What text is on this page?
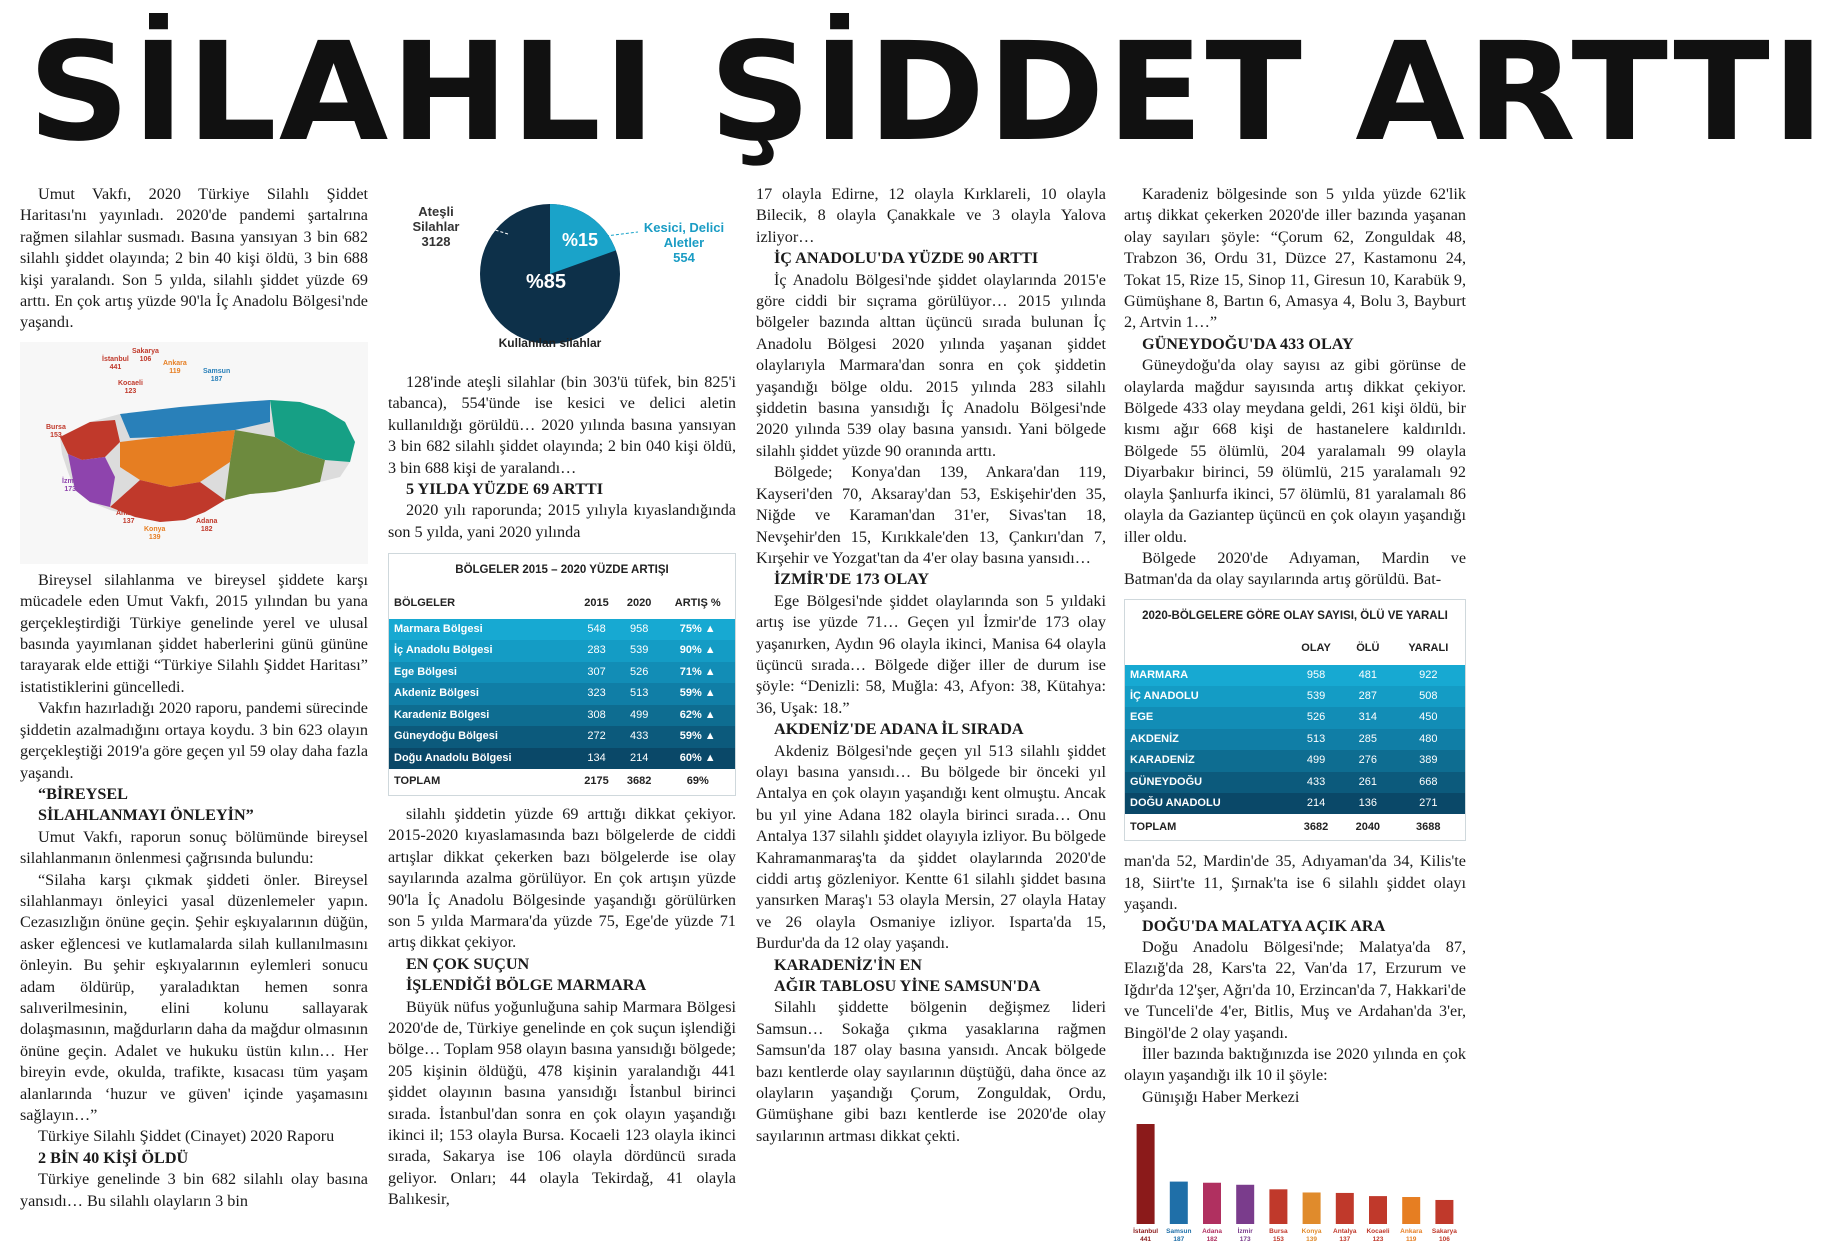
SİLAHLI ŞİDDET ARTTI

Umut Vakfı, 2020 Türkiye Silahlı Şiddet Haritası'nı yayınladı. 2020'de pandemi şartalrına rağmen silahlar susmadı. Basına yansıyan 3 bin 682 silahlı şiddet olayında; 2 bin 40 kişi öldü, 3 bin 688 kişi yaralandı. Son 5 yılda, silahlı şiddet yüzde 69 arttı. En çok artış yüzde 90'la İç Anadolu Bölgesi'nde yaşandı.

İstanbul
441
Sakarya
106
Kocaeli
123
Ankara
119	Samsun
187
Bursa
153
İzmir
173
Antalya
137
Konya
139
Adana
182

Bireysel silahlanma ve bireysel şiddete karşı mücadele eden Umut Vakfı, 2015 yılından bu yana gerçekleştirdiği Türkiye genelinde yerel ve ulusal basında yayımlanan şiddet haberlerini günü gününe tarayarak elde ettiği “Türkiye Silahlı Şiddet Haritası” istatistiklerini güncelledi.

Vakfın hazırladığı 2020 raporu, pandemi sürecinde şiddetin azalmadığını ortaya koydu. 3 bin 623 olayın gerçekleştiği 2019'a göre geçen yıl 59 olay daha fazla yaşandı.

“BİREYSEL
SİLAHLANMAYI ÖNLEYİN”

Umut Vakfı, raporun sonuç bölümünde bireysel silahlanmanın önlenmesi çağrısında bulundu:

“Silaha karşı çıkmak şiddeti önler. Bireysel silahlanmayı önleyici yasal düzenlemeler yapın. Cezasızlığın önüne geçin. Şehir eşkıyalarının düğün, asker eğlencesi ve kutlamalarda silah kullanılmasını önleyin. Bu şehir eşkıyalarının eylemleri sonucu adam öldürüp, yaraladıktan hemen sonra salıverilmesinin, elini kolunu sallayarak dolaşmasının, mağdurların daha da mağdur olmasının önüne geçin. Adalet ve hukuku üstün kılın… Her bireyin evde, okulda, trafikte, kısacası tüm yaşam alanlarında ‘huzur ve güven' içinde yaşamasını sağlayın…”

Türkiye Silahlı Şiddet (Cinayet) 2020 Raporu

2 BİN 40 KİŞİ ÖLDÜ

Türkiye genelinde 3 bin 682 silahlı olay basına yansıdı… Bu silahlı olayların 3 bin

%85
%15
Ateşli Silahlar
3128
Kesici, Delici Aletler
554
Kullanılan silahlar

128'inde ateşli silahlar (bin 303'ü tüfek, bin 825'i tabanca), 554'ünde ise kesici ve delici aletin kullanıldığı görüldü… 2020 yılında basına yansıyan 3 bin 682 silahlı şiddet olayında; 2 bin 040 kişi öldü, 3 bin 688 kişi de yaralandı…

5 YILDA YÜZDE 69 ARTTI

2020 yılı raporunda; 2015 yılıyla kıyaslandığında son 5 yılda, yani 2020 yılında

BÖLGELER 2015 – 2020 YÜZDE ARTIŞI
BÖLGELER	2015	2020	ARTIŞ %
Marmara Bölgesi	548	958	75% ▲
İç Anadolu Bölgesi	283	539	90% ▲
Ege Bölgesi	307	526	71% ▲
Akdeniz Bölgesi	323	513	59% ▲
Karadeniz Bölgesi	308	499	62% ▲
Güneydoğu Bölgesi	272	433	59% ▲
Doğu Anadolu Bölgesi	134	214	60% ▲
TOPLAM	2175	3682	69%

silahlı şiddetin yüzde 69 arttığı dikkat çekiyor. 2015-2020 kıyaslamasında bazı bölgelerde de ciddi artışlar dikkat çekerken bazı bölgelerde ise olay sayılarında azalma görülüyor. En çok artışın yüzde 90'la İç Anadolu Bölgesinde yaşandığı görülürken son 5 yılda Marmara'da yüzde 75, Ege'de yüzde 71 artış dikkat çekiyor.

EN ÇOK SUÇUN
İŞLENDİĞİ BÖLGE MARMARA

Büyük nüfus yoğunluğuna sahip Marmara Bölgesi 2020'de de, Türkiye genelinde en çok suçun işlendiği bölge… Toplam 958 olayın basına yansıdığı bölgede; 205 kişinin öldüğü, 478 kişinin yaralandığı 441 şiddet olayının basına yansıdığı İstanbul birinci sırada. İstanbul'dan sonra en çok olayın yaşandığı ikinci il; 153 olayla Bursa. Kocaeli 123 olayla ikinci sırada, Sakarya ise 106 olayla dördüncü sırada geliyor. Onları; 44 olayla Tekirdağ, 41 olayla Balıkesir,

17 olayla Edirne, 12 olayla Kırklareli, 10 olayla Bilecik, 8 olayla Çanakkale ve 3 olayla Yalova izliyor…

İÇ ANADOLU'DA YÜZDE 90 ARTTI

İç Anadolu Bölgesi'nde şiddet olaylarında 2015'e göre ciddi bir sıçrama görülüyor… 2015 yılında bölgeler bazında alttan üçüncü sırada bulunan İç Anadolu Bölgesi 2020 yılında yaşanan şiddet olaylarıyla Marmara'dan sonra en çok şiddetin yaşandığı bölge oldu. 2015 yılında 283 silahlı şiddetin basına yansıdığı İç Anadolu Bölgesi'nde 2020 yılında 539 olay basına yansıdı. Yani bölgede silahlı şiddet yüzde 90 oranında arttı.

Bölgede; Konya'dan 139, Ankara'dan 119, Kayseri'den 70, Aksaray'dan 53, Eskişehir'den 35, Niğde ve Karaman'dan 31'er, Sivas'tan 18, Nevşehir'den 15, Kırıkkale'den 13, Çankırı'dan 7, Kırşehir ve Yozgat'tan da 4'er olay basına yansıdı…

İZMİR'DE 173 OLAY

Ege Bölgesi'nde şiddet olaylarında son 5 yıldaki artış ise yüzde 71… Geçen yıl İzmir'de 173 olay yaşanırken, Aydın 96 olayla ikinci, Manisa 64 olayla üçüncü sırada… Bölgede diğer iller de durum ise şöyle: “Denizli: 58, Muğla: 43, Afyon: 38, Kütahya: 36, Uşak: 18.”

AKDENİZ'DE ADANA İL SIRADA

Akdeniz Bölgesi'nde geçen yıl 513 silahlı şiddet olayı basına yansıdı… Bu bölgede bir önceki yıl Antalya en çok olayın yaşandığı kent olmuştu. Ancak bu yıl yine Adana 182 olayla birinci sırada… Onu Antalya 137 silahlı şiddet olayıyla izliyor. Bu bölgede Kahramanmaraş'ta da şiddet olaylarında 2020'de ciddi artış gözleniyor. Kentte 61 silahlı şiddet basına yansırken Maraş'ı 53 olayla Mersin, 27 olayla Hatay ve 26 olayla Osmaniye izliyor. Isparta'da 15, Burdur'da da 12 olay yaşandı.

KARADENİZ'İN EN
AĞIR TABLOSU YİNE SAMSUN'DA

Silahlı şiddette bölgenin değişmez lideri Samsun… Sokağa çıkma yasaklarına rağmen Samsun'da 187 olay basına yansıdı. Ancak bölgede bazı kentlerde olay sayılarının düştüğü, daha önce az olayların yaşandığı Çorum, Zonguldak, Ordu, Gümüşhane gibi bazı kentlerde ise 2020'de olay sayılarının artması dikkat çekti.

Karadeniz bölgesinde son 5 yılda yüzde 62'lik artış dikkat çekerken 2020'de iller bazında yaşanan olay sayıları şöyle: “Çorum 62, Zonguldak 48, Trabzon 36, Ordu 31, Düzce 27, Kastamonu 24, Tokat 15, Rize 15, Sinop 11, Giresun 10, Karabük 9, Gümüşhane 8, Bartın 6, Amasya 4, Bolu 3, Bayburt 2, Artvin 1…”

GÜNEYDOĞU'DA 433 OLAY

Güneydoğu'da olay sayısı az gibi görünse de olaylarda mağdur sayısında artış dikkat çekiyor. Bölgede 433 olay meydana geldi, 261 kişi öldü, bir kısmı ağır 668 kişi de hastanelere kaldırıldı. Bölgede 55 ölümlü, 204 yaralamalı 99 olayla Diyarbakır birinci, 59 ölümlü, 215 yaralamalı 92 olayla Şanlıurfa ikinci, 57 ölümlü, 81 yaralamalı 86 olayla da Gaziantep üçüncü en çok olayın yaşandığı iller oldu.

Bölgede 2020'de Adıyaman, Mardin ve Batman'da da olay sayılarında artış görüldü. Bat-

2020-BÖLGELERE GÖRE OLAY SAYISI, ÖLÜ VE YARALI
	OLAY	ÖLÜ	YARALI
MARMARA	958	481	922
İÇ ANADOLU	539	287	508
EGE	526	314	450
AKDENİZ	513	285	480
KARADENİZ	499	276	389
GÜNEYDOĞU	433	261	668
DOĞU ANADOLU	214	136	271
TOPLAM	3682	2040	3688

man'da 52, Mardin'de 35, Adıyaman'da 34, Kilis'te 18, Siirt'te 11, Şırnak'ta ise 6 silahlı şiddet olayı yaşandı.

DOĞU'DA MALATYA AÇIK ARA

Doğu Anadolu Bölgesi'nde; Malatya'da 87, Elazığ'da 28, Kars'ta 22, Van'da 17, Erzurum ve Iğdır'da 12'şer, Ağrı'da 10, Erzincan'da 7, Hakkari'de ve Tunceli'de 4'er, Bitlis, Muş ve Ardahan'da 3'er, Bingöl'de 2 olay yaşandı.

İller bazında baktığınızda ise 2020 yılında en çok olayın yaşandığı ilk 10 il şöyle:

Günışığı Haber Merkezi

İstanbul
441
Samsun
187
Adana
182
İzmir
173
Bursa
153
Konya
139
Antalya
137
Kocaeli
123
Ankara
119
Sakarya
106
